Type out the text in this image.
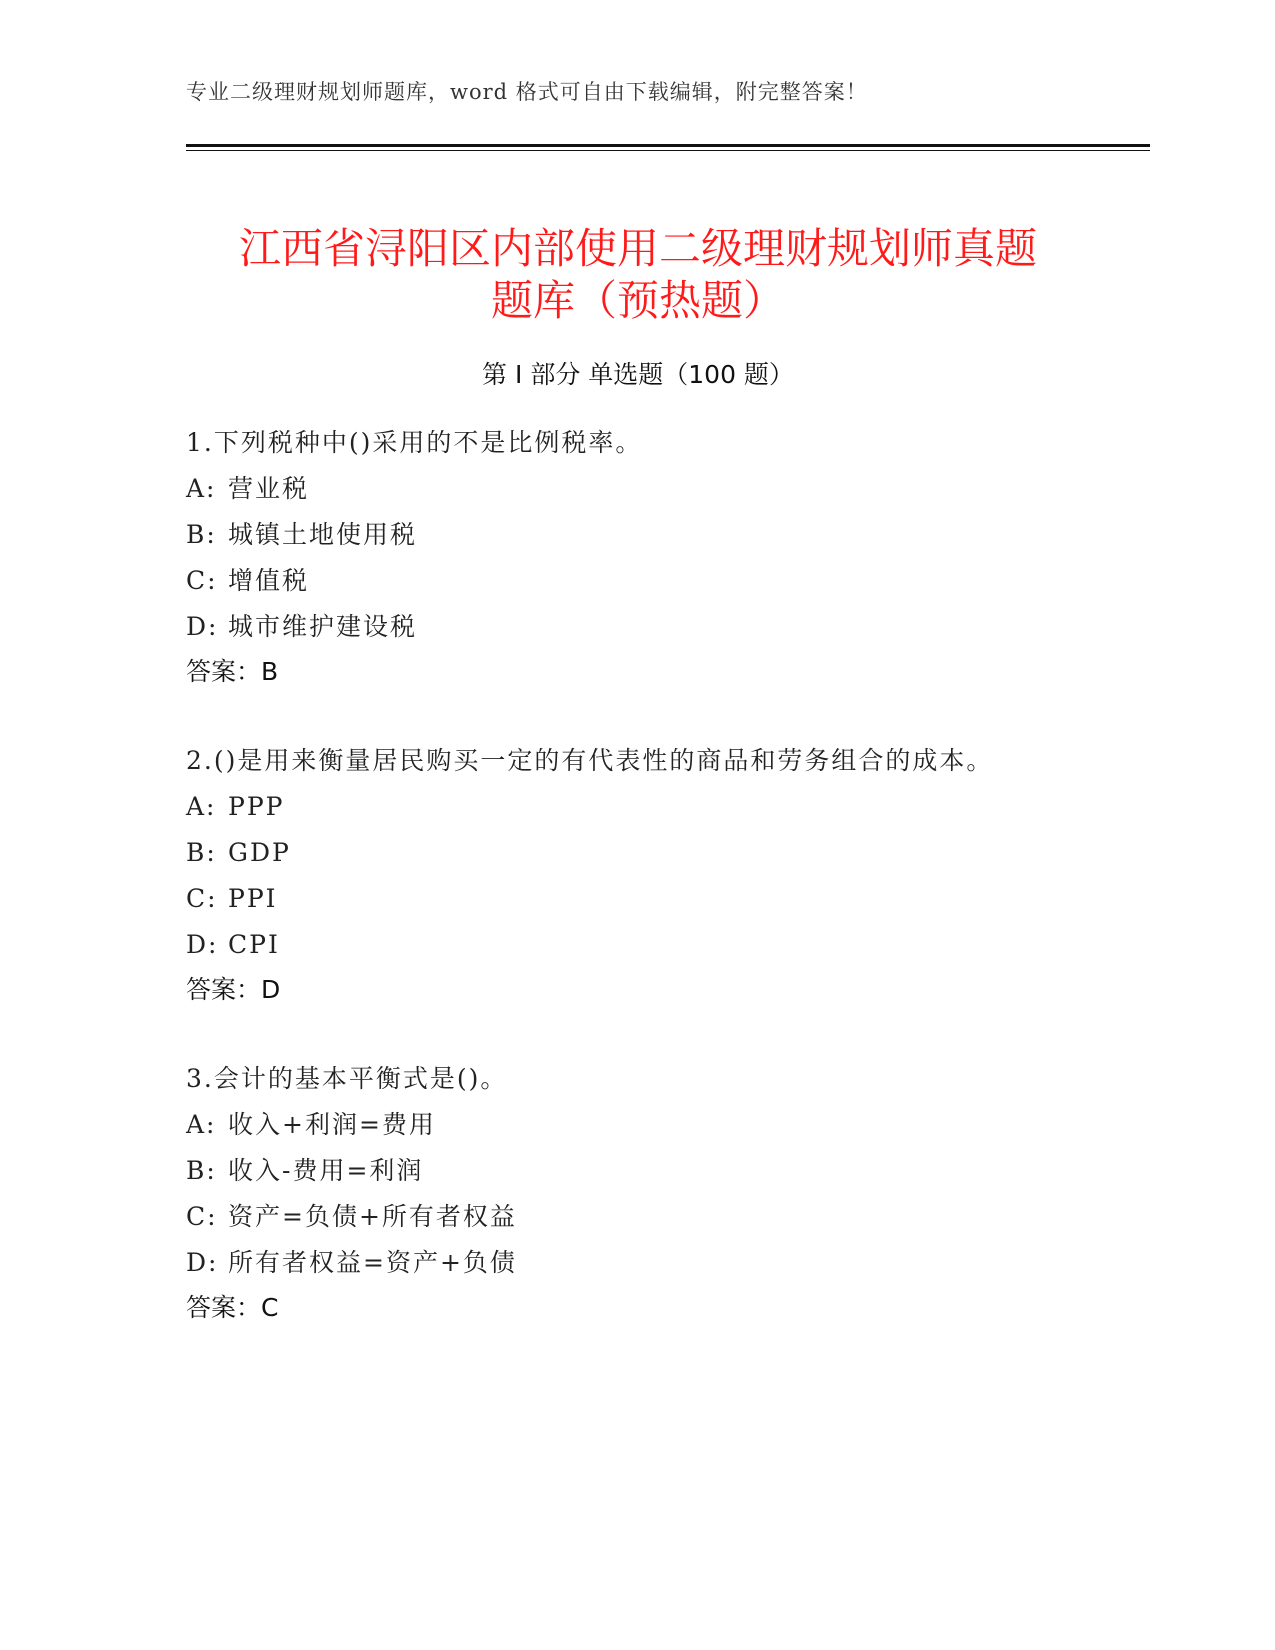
专业二级理财规划师题库，word 格式可自由下载编辑，附完整答案！
江西省浔阳区内部使用二级理财规划师真题
题库（预热题）
第 I 部分 单选题（100 题）
1.下列税种中()采用的不是比例税率。
A: 营业税
B: 城镇土地使用税
C: 增值税
D: 城市维护建设税
答案：B
2.()是用来衡量居民购买一定的有代表性的商品和劳务组合的成本。
A: PPP
B: GDP
C: PPI
D: CPI
答案：D
3.会计的基本平衡式是()。
A: 收入+利润=费用
B: 收入-费用=利润
C: 资产=负债+所有者权益
D: 所有者权益=资产+负债
答案：C
